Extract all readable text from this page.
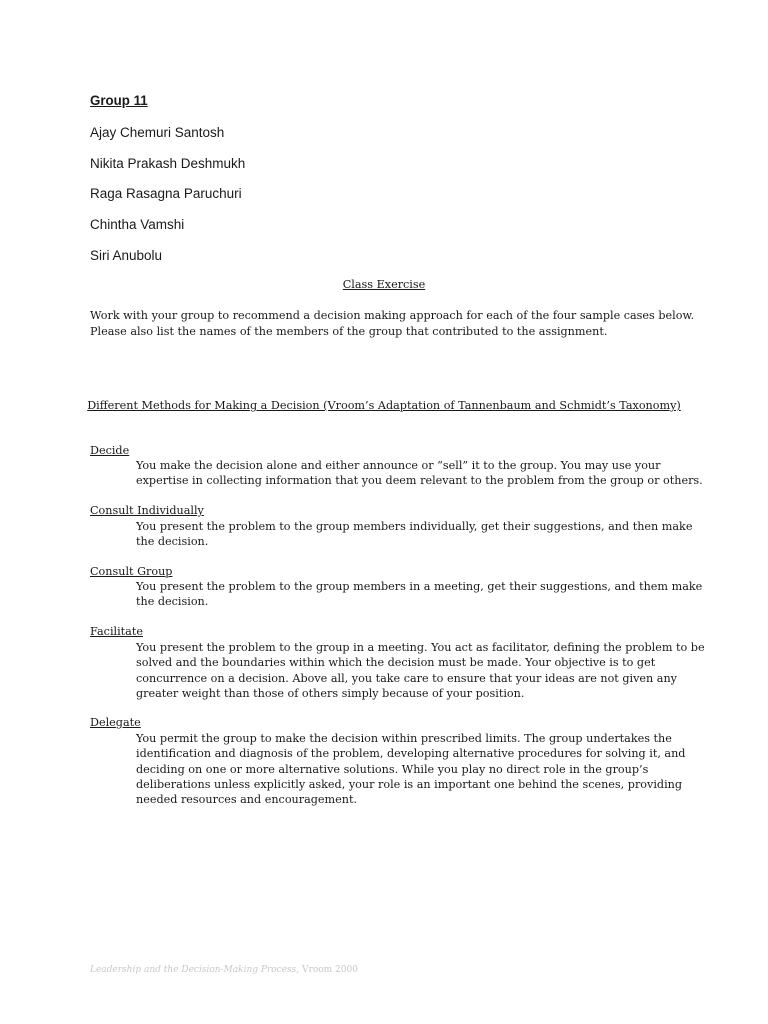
Group 11
Ajay Chemuri Santosh
Nikita Prakash Deshmukh
Raga Rasagna Paruchuri
Chintha Vamshi
Siri Anubolu
Class Exercise

Work with your group to recommend a decision making approach for each of the four sample cases below.

Please also list the names of the members of the group that contributed to the assignment.

Different Methods for Making a Decision (Vroom’s Adaptation of Tannenbaum and Schmidt’s Taxonomy)
Decide

You make the decision alone and either announce or “sell” it to the group. You may use your

expertise in collecting information that you deem relevant to the problem from the group or others.

Consult Individually

You present the problem to the group members individually, get their suggestions, and then make

the decision.

Consult Group

You present the problem to the group members in a meeting, get their suggestions, and them make

the decision.

Facilitate

You present the problem to the group in a meeting. You act as facilitator, defining the problem to be

solved and the boundaries within which the decision must be made. Your objective is to get

concurrence on a decision. Above all, you take care to ensure that your ideas are not given any

greater weight than those of others simply because of your position.

Delegate

You permit the group to make the decision within prescribed limits. The group undertakes the

identification and diagnosis of the problem, developing alternative procedures for solving it, and

deciding on one or more alternative solutions. While you play no direct role in the group’s

deliberations unless explicitly asked, your role is an important one behind the scenes, providing

needed resources and encouragement.

Leadership and the Decision-Making Process, Vroom 2000
